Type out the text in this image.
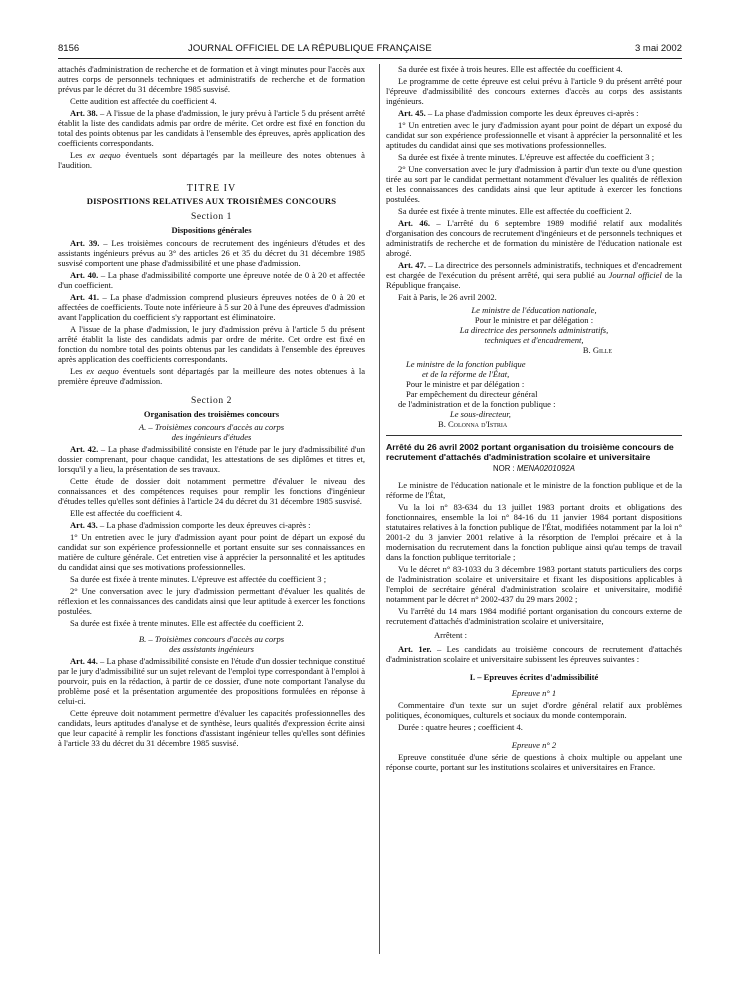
8156	JOURNAL OFFICIEL DE LA RÉPUBLIQUE FRANÇAISE	3 mai 2002

attachés d'administration de recherche et de formation et à vingt minutes pour l'accès aux autres corps de personnels techniques et administratifs de recherche et de formation prévus par le décret du 31 décembre 1985 susvisé.

Cette audition est affectée du coefficient 4.

Art. 38. – A l'issue de la phase d'admission, le jury prévu à l'article 5 du présent arrêté établit la liste des candidats admis par ordre de mérite. Cet ordre est fixé en fonction du total des points obtenus par les candidats à l'ensemble des épreuves, après application des coefficients correspondants.

Les ex aequo éventuels sont départagés par la meilleure des notes obtenues à l'audition.

TITRE IV
DISPOSITIONS RELATIVES AUX TROISIÈMES CONCOURS
Section 1
Dispositions générales

Art. 39. – Les troisièmes concours de recrutement des ingénieurs d'études et des assistants ingénieurs prévus au 3° des articles 26 et 35 du décret du 31 décembre 1985 susvisé comportent une phase d'admissibilité et une phase d'admission.

Art. 40. – La phase d'admissibilité comporte une épreuve notée de 0 à 20 et affectée d'un coefficient.

Art. 41. – La phase d'admission comprend plusieurs épreuves notées de 0 à 20 et affectées de coefficients. Toute note inférieure à 5 sur 20 à l'une des épreuves d'admission avant l'application du coefficient s'y rapportant est éliminatoire.

A l'issue de la phase d'admission, le jury d'admission prévu à l'article 5 du présent arrêté établit la liste des candidats admis par ordre de mérite. Cet ordre est fixé en fonction du nombre total des points obtenus par les candidats à l'ensemble des épreuves après application des coefficients correspondants.

Les ex aequo éventuels sont départagés par la meilleure des notes obtenues à la première épreuve d'admission.

Section 2
Organisation des troisièmes concours
A. – Troisièmes concours d'accès au corps
des ingénieurs d'études

Art. 42. – La phase d'admissibilité consiste en l'étude par le jury d'admissibilité d'un dossier comprenant, pour chaque candidat, les attestations de ses diplômes et titres et, lorsqu'il y a lieu, la présentation de ses travaux.

Cette étude de dossier doit notamment permettre d'évaluer le niveau des connaissances et des compétences requises pour remplir les fonctions d'ingénieur d'études telles qu'elles sont définies à l'article 24 du décret du 31 décembre 1985 susvisé.

Elle est affectée du coefficient 4.

Art. 43. – La phase d'admission comporte les deux épreuves ci-après :

1° Un entretien avec le jury d'admission ayant pour point de départ un exposé du candidat sur son expérience professionnelle et portant ensuite sur ses connaissances en matière de culture générale. Cet entretien vise à apprécier la personnalité et les aptitudes du candidat ainsi que ses motivations professionnelles.

Sa durée est fixée à trente minutes. L'épreuve est affectée du coefficient 3 ;

2° Une conversation avec le jury d'admission permettant d'évaluer les qualités de réflexion et les connaissances des candidats ainsi que leur aptitude à exercer les fonctions postulées.

Sa durée est fixée à trente minutes. Elle est affectée du coefficient 2.

B. – Troisièmes concours d'accès au corps
des assistants ingénieurs

Art. 44. – La phase d'admissibilité consiste en l'étude d'un dossier technique constitué par le jury d'admissibilité sur un sujet relevant de l'emploi type correspondant à l'emploi à pourvoir, puis en la rédaction, à partir de ce dossier, d'une note comportant l'analyse du problème posé et la présentation argumentée des propositions formulées en réponse à celui-ci.

Cette épreuve doit notamment permettre d'évaluer les capacités professionnelles des candidats, leurs aptitudes d'analyse et de synthèse, leurs qualités d'expression écrite ainsi que leur capacité à remplir les fonctions d'assistant ingénieur telles qu'elles sont définies à l'article 33 du décret du 31 décembre 1985 susvisé.

Sa durée est fixée à trois heures. Elle est affectée du coefficient 4.

Le programme de cette épreuve est celui prévu à l'article 9 du présent arrêté pour l'épreuve d'admissibilité des concours externes d'accès au corps des assistants ingénieurs.

Art. 45. – La phase d'admission comporte les deux épreuves ci-après :

1° Un entretien avec le jury d'admission ayant pour point de départ un exposé du candidat sur son expérience professionnelle et visant à apprécier la personnalité et les aptitudes du candidat ainsi que ses motivations professionnelles.

Sa durée est fixée à trente minutes. L'épreuve est affectée du coefficient 3 ;

2° Une conversation avec le jury d'admission à partir d'un texte ou d'une question tirée au sort par le candidat permettant notamment d'évaluer les qualités de réflexion et les connaissances des candidats ainsi que leur aptitude à exercer les fonctions postulées.

Sa durée est fixée à trente minutes. Elle est affectée du coefficient 2.

Art. 46. – L'arrêté du 6 septembre 1989 modifié relatif aux modalités d'organisation des concours de recrutement d'ingénieurs et de personnels techniques et administratifs de recherche et de formation du ministère de l'éducation nationale est abrogé.

Art. 47. – La directrice des personnels administratifs, techniques et d'encadrement est chargée de l'exécution du présent arrêté, qui sera publié au Journal officiel de la République française.

Fait à Paris, le 26 avril 2002.

Le ministre de l'éducation nationale,
Pour le ministre et par délégation :
La directrice des personnels administratifs,
techniques et d'encadrement,
B. Gille
Le ministre de la fonction publique
et de la réforme de l'État,
Pour le ministre et par délégation :
Par empêchement du directeur général
de l'administration et de la fonction publique :
Le sous-directeur,
B. Colonna d'Istria
Arrêté du 26 avril 2002 portant organisation du troisième concours de recrutement d'attachés d'administration scolaire et universitaire
NOR : MENA0201092A

Le ministre de l'éducation nationale et le ministre de la fonction publique et de la réforme de l'État,

Vu la loi n° 83-634 du 13 juillet 1983 portant droits et obligations des fonctionnaires, ensemble la loi n° 84-16 du 11 janvier 1984 portant dispositions statutaires relatives à la fonction publique de l'État, modifiées notamment par la loi n° 2001-2 du 3 janvier 2001 relative à la résorption de l'emploi précaire et à la modernisation du recrutement dans la fonction publique ainsi qu'au temps de travail dans la fonction publique territoriale ;

Vu le décret n° 83-1033 du 3 décembre 1983 portant statuts particuliers des corps de l'administration scolaire et universitaire et fixant les dispositions applicables à l'emploi de secrétaire général d'administration scolaire et universitaire, modifié notamment par le décret n° 2002-437 du 29 mars 2002 ;

Vu l'arrêté du 14 mars 1984 modifié portant organisation du concours externe de recrutement d'attachés d'administration scolaire et universitaire,

Arrêtent :

Art. 1er. – Les candidats au troisième concours de recrutement d'attachés d'administration scolaire et universitaire subissent les épreuves suivantes :

I. – Epreuves écrites d'admissibilité
Epreuve n° 1

Commentaire d'un texte sur un sujet d'ordre général relatif aux problèmes politiques, économiques, culturels et sociaux du monde contemporain.

Durée : quatre heures ; coefficient 4.

Epreuve n° 2

Epreuve constituée d'une série de questions à choix multiple ou appelant une réponse courte, portant sur les institutions scolaires et universitaires en France.
